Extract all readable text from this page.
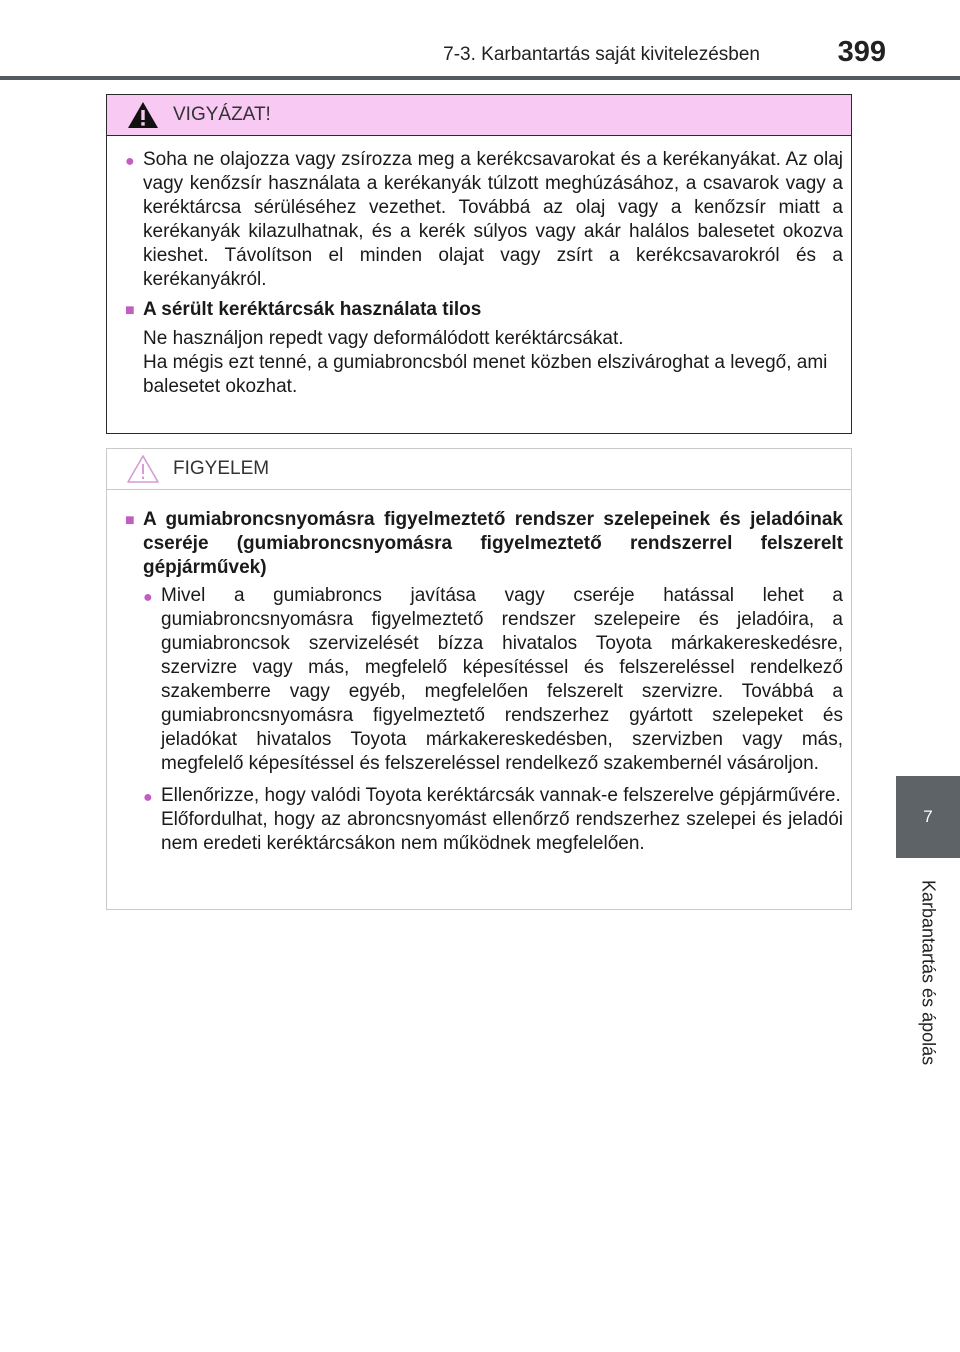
7-3. Karbantartás saját kivitelezésben	399
7
Karbantartás és ápolás
VIGYÁZAT!
● Soha ne olajozza vagy zsírozza meg a kerékcsavarokat és a kerékanyákat. Az olaj vagy kenőzsír használata a kerékanyák túlzott meghúzásához, a csavarok vagy a keréktárcsa sérüléséhez vezethet. Továbbá az olaj vagy a kenőzsír miatt a kerékanyák kilazulhatnak, és a kerék súlyos vagy akár halálos balesetet okozva kieshet. Távolítson el minden olajat vagy zsírt a kerékcsavarokról és a kerékanyákról.
■ A sérült keréktárcsák használata tilos
Ne használjon repedt vagy deformálódott keréktárcsákat.
Ha mégis ezt tenné, a gumiabroncsból menet közben elszivároghat a levegő, ami balesetet okozhat.
FIGYELEM
■ A gumiabroncsnyomásra figyelmeztető rendszer szelepeinek és jeladóinak cseréje (gumiabroncsnyomásra figyelmeztető rendszerrel felszerelt gépjárművek)
● Mivel a gumiabroncs javítása vagy cseréje hatással lehet a gumiabroncsnyomásra figyelmeztető rendszer szelepeire és jeladóira, a gumiabroncsok szervizelését bízza hivatalos Toyota márkakereskedésre, szervizre vagy más, megfelelő képesítéssel és felszereléssel rendelkező szakemberre vagy egyéb, megfelelően felszerelt szervizre. Továbbá a gumiabroncsnyomásra figyelmeztető rendszerhez gyártott szelepeket és jeladókat hivatalos Toyota márkakereskedésben, szervizben vagy más, megfelelő képesítéssel és felszereléssel rendelkező szakembernél vásároljon.
● Ellenőrizze, hogy valódi Toyota keréktárcsák vannak-e felszerelve gépjárművére.
Előfordulhat, hogy az abroncsnyomást ellenőrző rendszerhez szelepei és jeladói nem eredeti keréktárcsákon nem működnek megfelelően.
